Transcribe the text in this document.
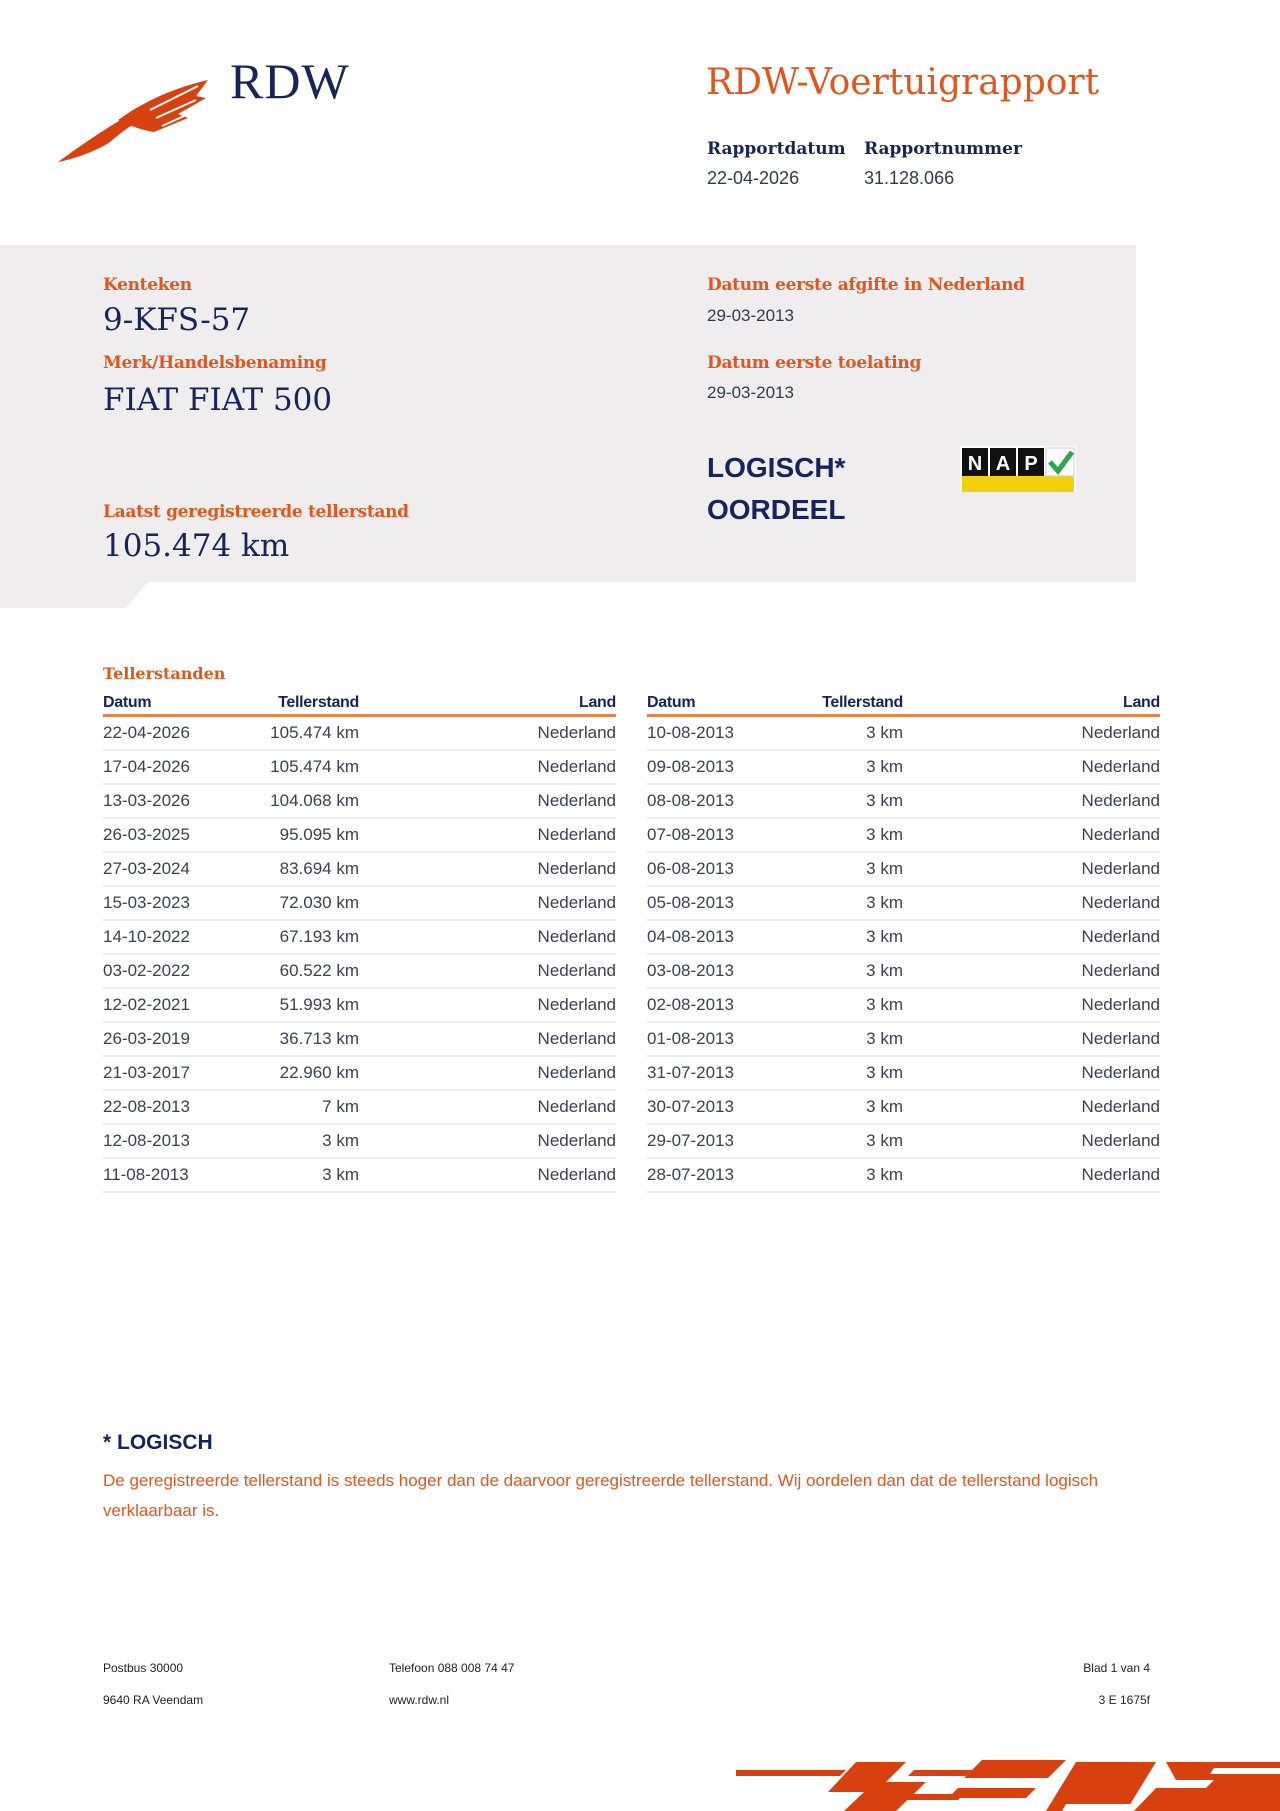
RDW	RDW-Voertuigrapport
Rapportdatum
22-04-2026
Rapportnummer
31.128.066
Kenteken
9-KFS-57
Merk/Handelsbenaming
FIAT FIAT 500
Laatst geregistreerde tellerstand
105.474 km
Datum eerste afgifte in Nederland
29-03-2013
Datum eerste toelating
29-03-2013
LOGISCH*
OORDEEL
N A P
Tellerstanden
Datum	Tellerstand	Land
22-04-2026	105.474 km	Nederland
17-04-2026	105.474 km	Nederland
13-03-2026	104.068 km	Nederland
26-03-2025	95.095 km	Nederland
27-03-2024	83.694 km	Nederland
15-03-2023	72.030 km	Nederland
14-10-2022	67.193 km	Nederland
03-02-2022	60.522 km	Nederland
12-02-2021	51.993 km	Nederland
26-03-2019	36.713 km	Nederland
21-03-2017	22.960 km	Nederland
22-08-2013	7 km	Nederland
12-08-2013	3 km	Nederland
11-08-2013	3 km	Nederland
Datum	Tellerstand	Land
10-08-2013	3 km	Nederland
09-08-2013	3 km	Nederland
08-08-2013	3 km	Nederland
07-08-2013	3 km	Nederland
06-08-2013	3 km	Nederland
05-08-2013	3 km	Nederland
04-08-2013	3 km	Nederland
03-08-2013	3 km	Nederland
02-08-2013	3 km	Nederland
01-08-2013	3 km	Nederland
31-07-2013	3 km	Nederland
30-07-2013	3 km	Nederland
29-07-2013	3 km	Nederland
28-07-2013	3 km	Nederland
* LOGISCH
De geregistreerde tellerstand is steeds hoger dan de daarvoor geregistreerde tellerstand. Wij oordelen dan dat de tellerstand logisch verklaarbaar is.
Postbus 30000
9640 RA Veendam
Telefoon 088 008 74 47
www.rdw.nl
Blad 1 van 4
3 E 1675f
